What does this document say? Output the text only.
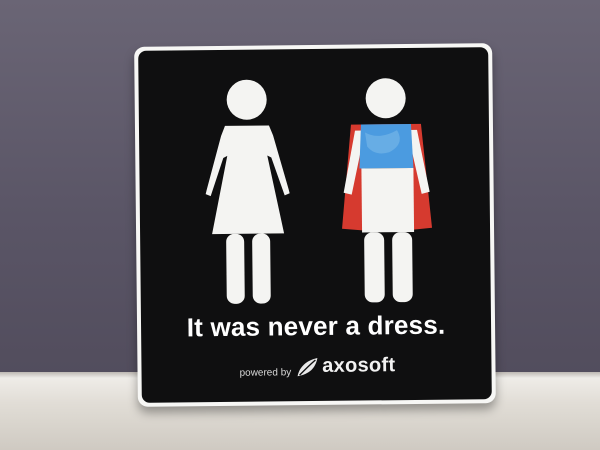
It was never a dress.
powered by axosoft
